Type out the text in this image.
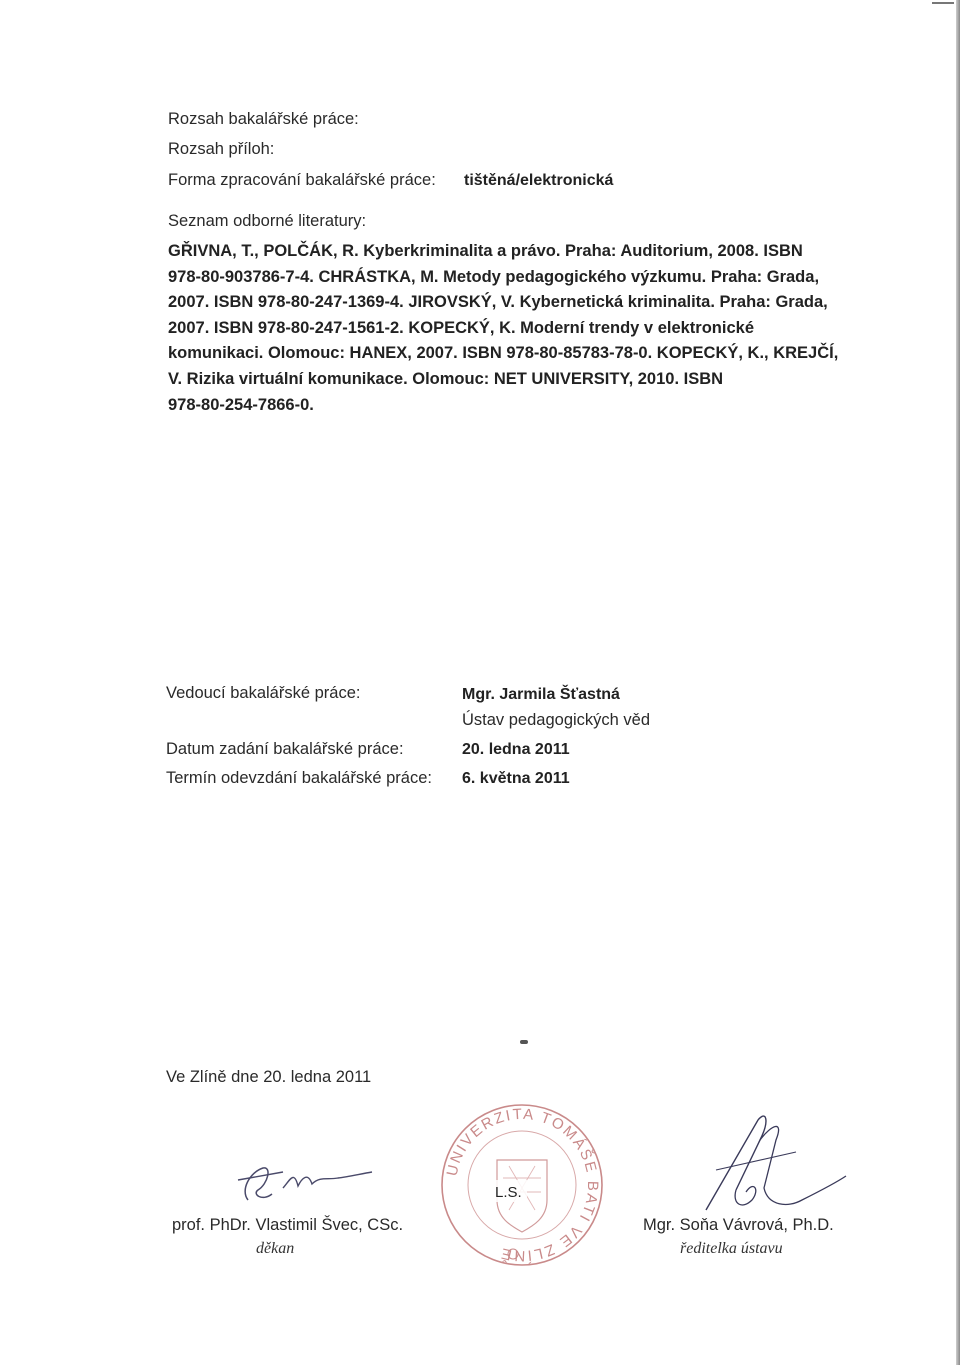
Rozsah bakalářské práce:
Rozsah příloh:
Forma zpracování bakalářské práce: tištěná/elektronická
Seznam odborné literatury:
GŘIVNA, T., POLČÁK, R. Kyberkriminalita a právo. Praha: Auditorium, 2008. ISBN
978-80-903786-7-4. CHRÁSTKA, M. Metody pedagogického výzkumu. Praha: Grada,
2007. ISBN 978-80-247-1369-4. JIROVSKÝ, V. Kybernetická kriminalita. Praha: Grada,
2007. ISBN 978-80-247-1561-2. KOPECKÝ, K. Moderní trendy v elektronické
komunikaci. Olomouc: HANEX, 2007. ISBN 978-80-85783-78-0. KOPECKÝ, K., KREJČÍ,
V. Rizika virtuální komunikace. Olomouc: NET UNIVERSITY, 2010. ISBN
978-80-254-7866-0.
Vedoucí bakalářské práce:	Mgr. Jarmila Šťastná
Ústav pedagogických věd
Datum zadání bakalářské práce:	20. ledna 2011
Termín odevzdání bakalářské práce: 6. května 2011
Ve Zlíně dne 20. ledna 2011
prof. PhDr. Vlastimil Švec, CSc.
děkan
UNIVERZITA TOMÁŠE BATI VE ZLÍNĚ
L.S.
Mgr. Soňa Vávrová, Ph.D.
ředitelka ústavu
